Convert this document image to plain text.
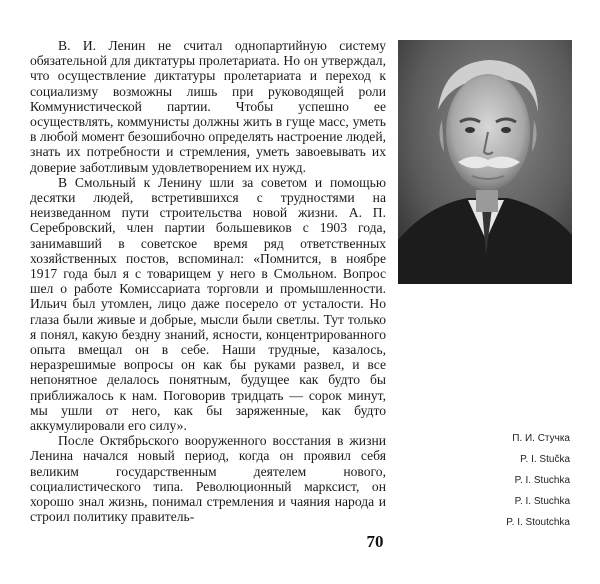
В. И. Ленин не считал однопартийную систему обязательной для диктатуры пролетариата. Но он утверждал, что осуществление диктатуры пролетариата и переход к социализму возможны лишь при руководящей роли Коммунистической партии. Чтобы успешно ее осуществлять, коммунисты должны жить в гуще масс, уметь в любой момент безошибочно определять настроение людей, знать их потребности и стремления, уметь завоевывать их доверие заботливым удовлетворением их нужд.

В Смольный к Ленину шли за советом и помощью десятки людей, встретившихся с трудностями на неизведанном пути строительства новой жизни. А. П. Серебровский, член партии большевиков с 1903 года, занимавший в советское время ряд ответственных хозяйственных постов, вспоминал: «Помнится, в ноябре 1917 года был я с товарищем у него в Смольном. Вопрос шел о работе Комиссариата торговли и промышленности. Ильич был утомлен, лицо даже посерело от усталости. Но глаза были живые и добрые, мысли были светлы. Тут только я понял, какую бездну знаний, ясности, концентрированного опыта вмещал он в себе. Наши трудные, казалось, неразрешимые вопросы он как бы руками развел, и все непонятное делалось понятным, будущее как будто бы приближалось к нам. Поговорив тридцать — сорок минут, мы ушли от него, как бы заряженные, как будто аккумулировали его силу».

После Октябрьского вооруженного восстания в жизни Ленина начался новый период, когда он проявил себя великим государственным деятелем нового, социалистического типа. Революционный марксист, он хорошо знал жизнь, понимал стремления и чаяния народа и строил политику правитель-

П. И. Стучка
P. I. Stučka
P. I. Stuchka
P. I. Stuchka
P. I. Stoutchka
70
